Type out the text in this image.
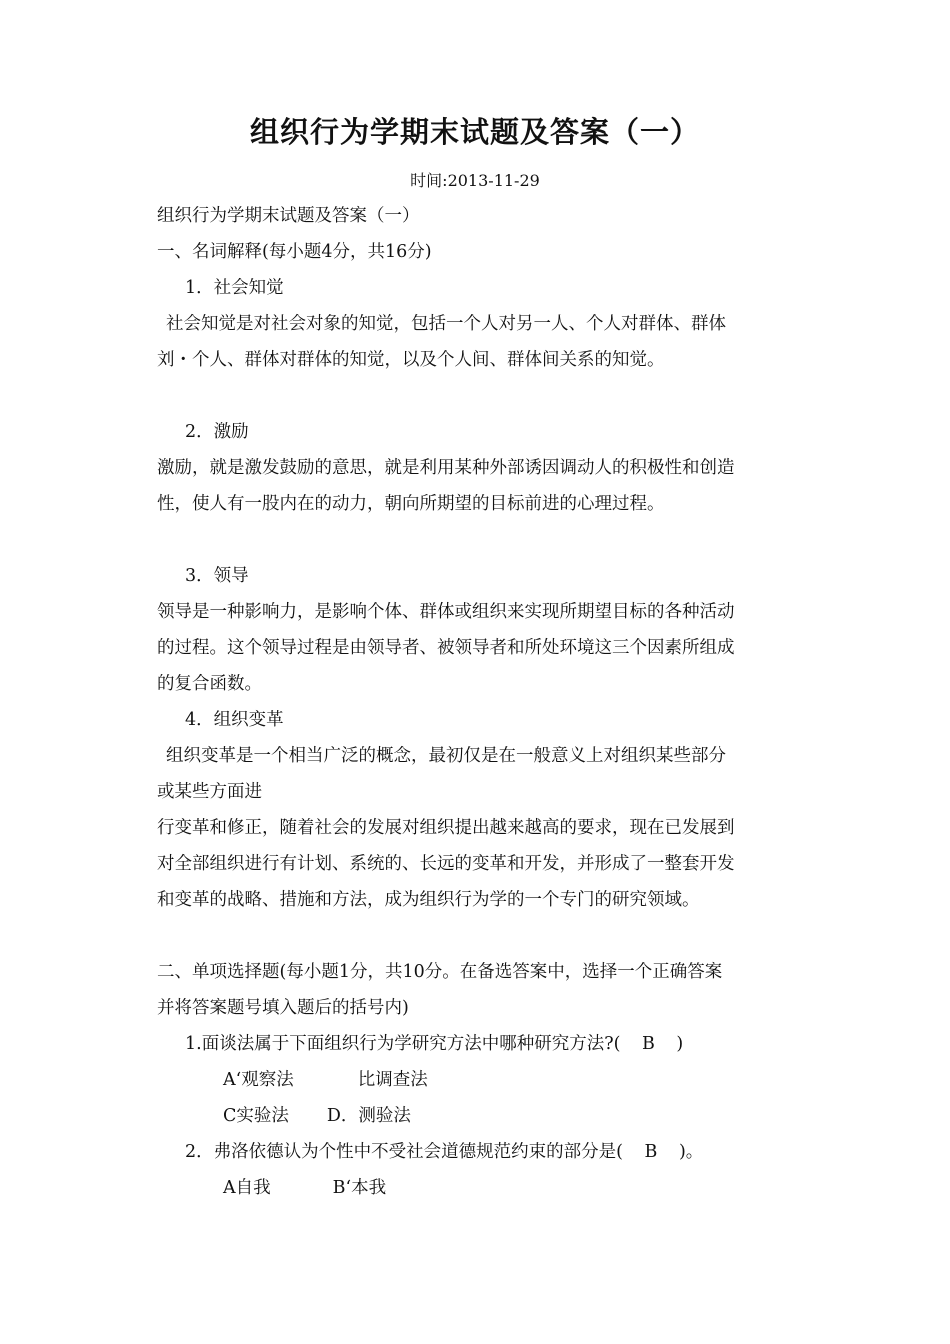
组织行为学期末试题及答案（一）
时间:2013-11-29
组织行为学期末试题及答案（一）
一、名词解释(每小题4分，共16分)
1．社会知觉
社会知觉是对社会对象的知觉，包括一个人对另一人、个人对群体、群体
刘・个人、群体对群体的知觉，以及个人间、群体间关系的知觉。
2．激励
激励，就是激发鼓励的意思，就是利用某种外部诱因调动人的积极性和创造
性，使人有一股内在的动力，朝向所期望的目标前进的心理过程。
3．领导
领导是一种影响力，是影响个体、群体或组织来实现所期望目标的各种活动
的过程。这个领导过程是由领导者、被领导者和所处环境这三个因素所组成
的复合函数。
4．组织变革
组织变革是一个相当广泛的概念，最初仅是在一般意义上对组织某些部分
或某些方面进
行变革和修正，随着社会的发展对组织提出越来越高的要求，现在已发展到
对全部组织进行有计划、系统的、长远的变革和开发，并形成了一整套开发
和变革的战略、措施和方法，成为组织行为学的一个专门的研究领域。
二、单项选择题(每小题1分，共10分。在备选答案中，选择一个正确答案
并将答案题号填入题后的括号内)
1.面谈法属于下面组织行为学研究方法中哪种研究方法?( B )
A‘观察法	比调查法
C实验法 D．测验法
2．弗洛依德认为个性中不受社会道德规范约束的部分是( B )。
A自我	B‘本我
